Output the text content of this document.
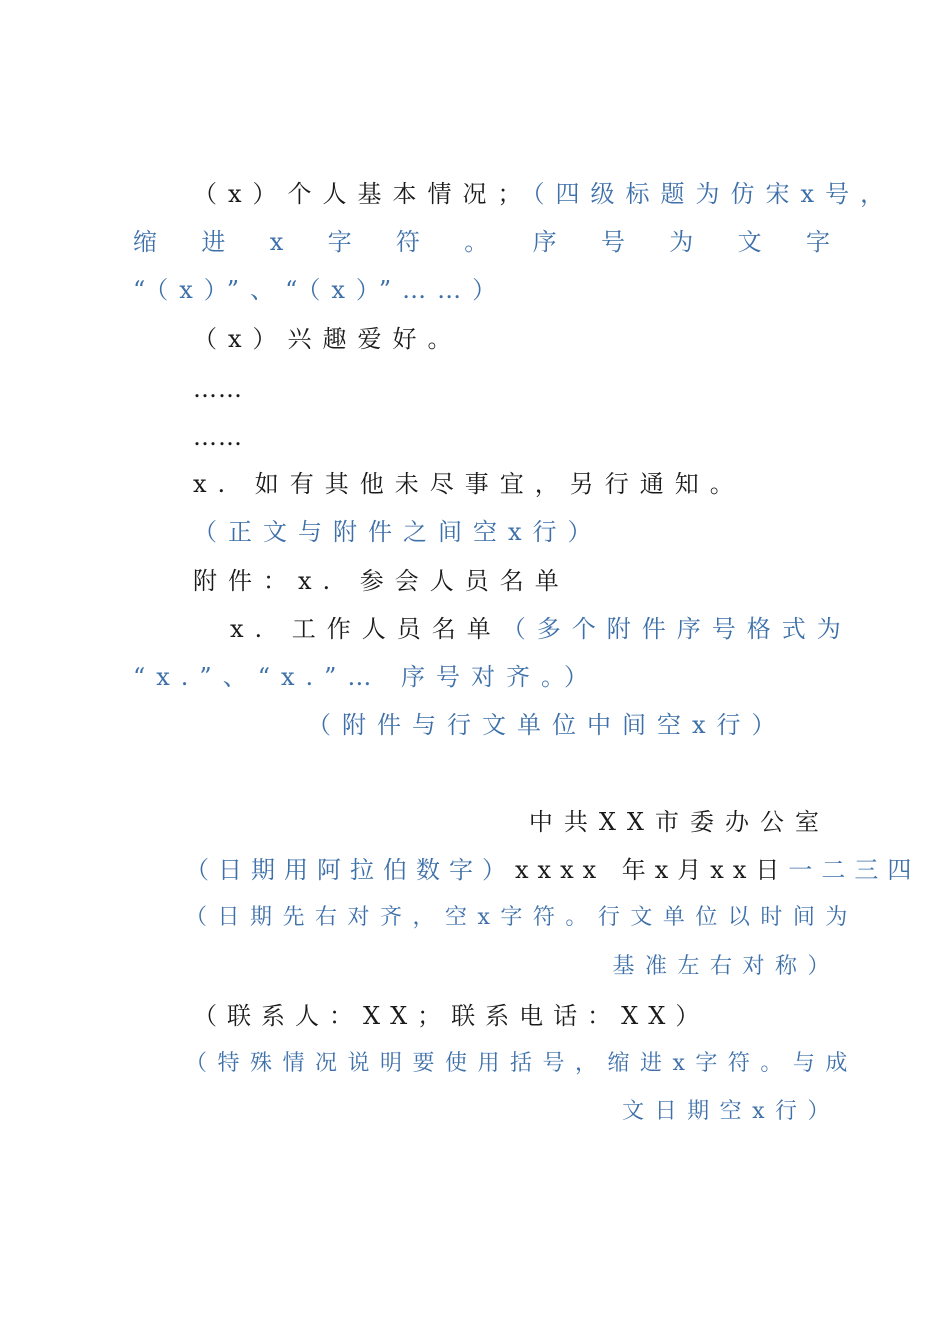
（x）个人基本情况；（四级标题为仿宋x号，
缩 进 x 字 符 。 序 号 为 文 字
“（x）”、“（x）”……）
（x）兴趣爱好。
……
……
x. 如有其他未尽事宜，另行通知。
（正文与附件之间空x行）
附件：x. 参会人员名单
x. 工作人员名单（多个附件序号格式为
“x.”、“x.”… 序号对齐。）
（附件与行文单位中间空x行）
中共XX市委办公室
（日期用阿拉伯数字）xxxx 年x月xx日一二三四
（日期先右对齐，空x字符。行文单位以时间为
基准左右对称）
（联系人：XX；联系电话：XX）
（特殊情况说明要使用括号，缩进x字符。与成
文日期空x行）
